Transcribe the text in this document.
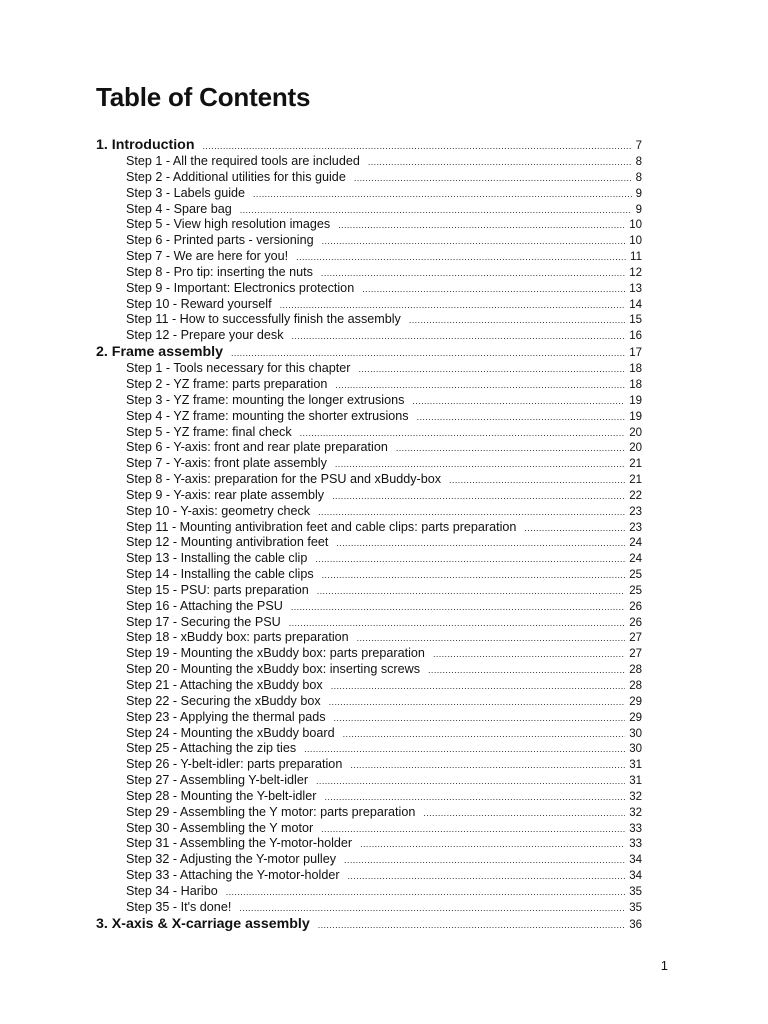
Table of Contents
1. Introduction .....	7
Step 1 - All the required tools are included .....	8
Step 2 - Additional utilities for this guide .....	8
Step 3 - Labels guide .....	9
Step 4 - Spare bag .....	9
Step 5 - View high resolution images .....	10
Step 6 - Printed parts - versioning .....	10
Step 7 - We are here for you! .....	11
Step 8 - Pro tip: inserting the nuts .....	12
Step 9 - Important: Electronics protection .....	13
Step 10 - Reward yourself .....	14
Step 11 - How to successfully finish the assembly .....	15
Step 12 - Prepare your desk .....	16
2. Frame assembly .....	17
Step 1 - Tools necessary for this chapter .....	18
Step 2 - YZ frame: parts preparation .....	18
Step 3 - YZ frame: mounting the longer extrusions .....	19
Step 4 - YZ frame: mounting the shorter extrusions .....	19
Step 5 - YZ frame: final check .....	20
Step 6 - Y-axis: front and rear plate preparation .....	20
Step 7 - Y-axis: front plate assembly .....	21
Step 8 - Y-axis: preparation for the PSU and xBuddy-box .....	21
Step 9 - Y-axis: rear plate assembly .....	22
Step 10 - Y-axis: geometry check .....	23
Step 11 - Mounting antivibration feet and cable clips: parts preparation .....	23
Step 12 - Mounting antivibration feet .....	24
Step 13 - Installing the cable clip .....	24
Step 14 - Installing the cable clips .....	25
Step 15 - PSU: parts preparation .....	25
Step 16 - Attaching the PSU .....	26
Step 17 - Securing the PSU .....	26
Step 18 - xBuddy box: parts preparation .....	27
Step 19 - Mounting the xBuddy box: parts preparation .....	27
Step 20 - Mounting the xBuddy box: inserting screws .....	28
Step 21 - Attaching the xBuddy box .....	28
Step 22 - Securing the xBuddy box .....	29
Step 23 - Applying the thermal pads .....	29
Step 24 - Mounting the xBuddy board .....	30
Step 25 - Attaching the zip ties .....	30
Step 26 - Y-belt-idler: parts preparation .....	31
Step 27 - Assembling Y-belt-idler .....	31
Step 28 - Mounting the Y-belt-idler .....	32
Step 29 - Assembling the Y motor: parts preparation .....	32
Step 30 - Assembling the Y motor .....	33
Step 31 - Assembling the Y-motor-holder .....	33
Step 32 - Adjusting the Y-motor pulley .....	34
Step 33 - Attaching the Y-motor-holder .....	34
Step 34 - Haribo .....	35
Step 35 - It's done! .....	35
3. X-axis & X-carriage assembly .....	36
1
